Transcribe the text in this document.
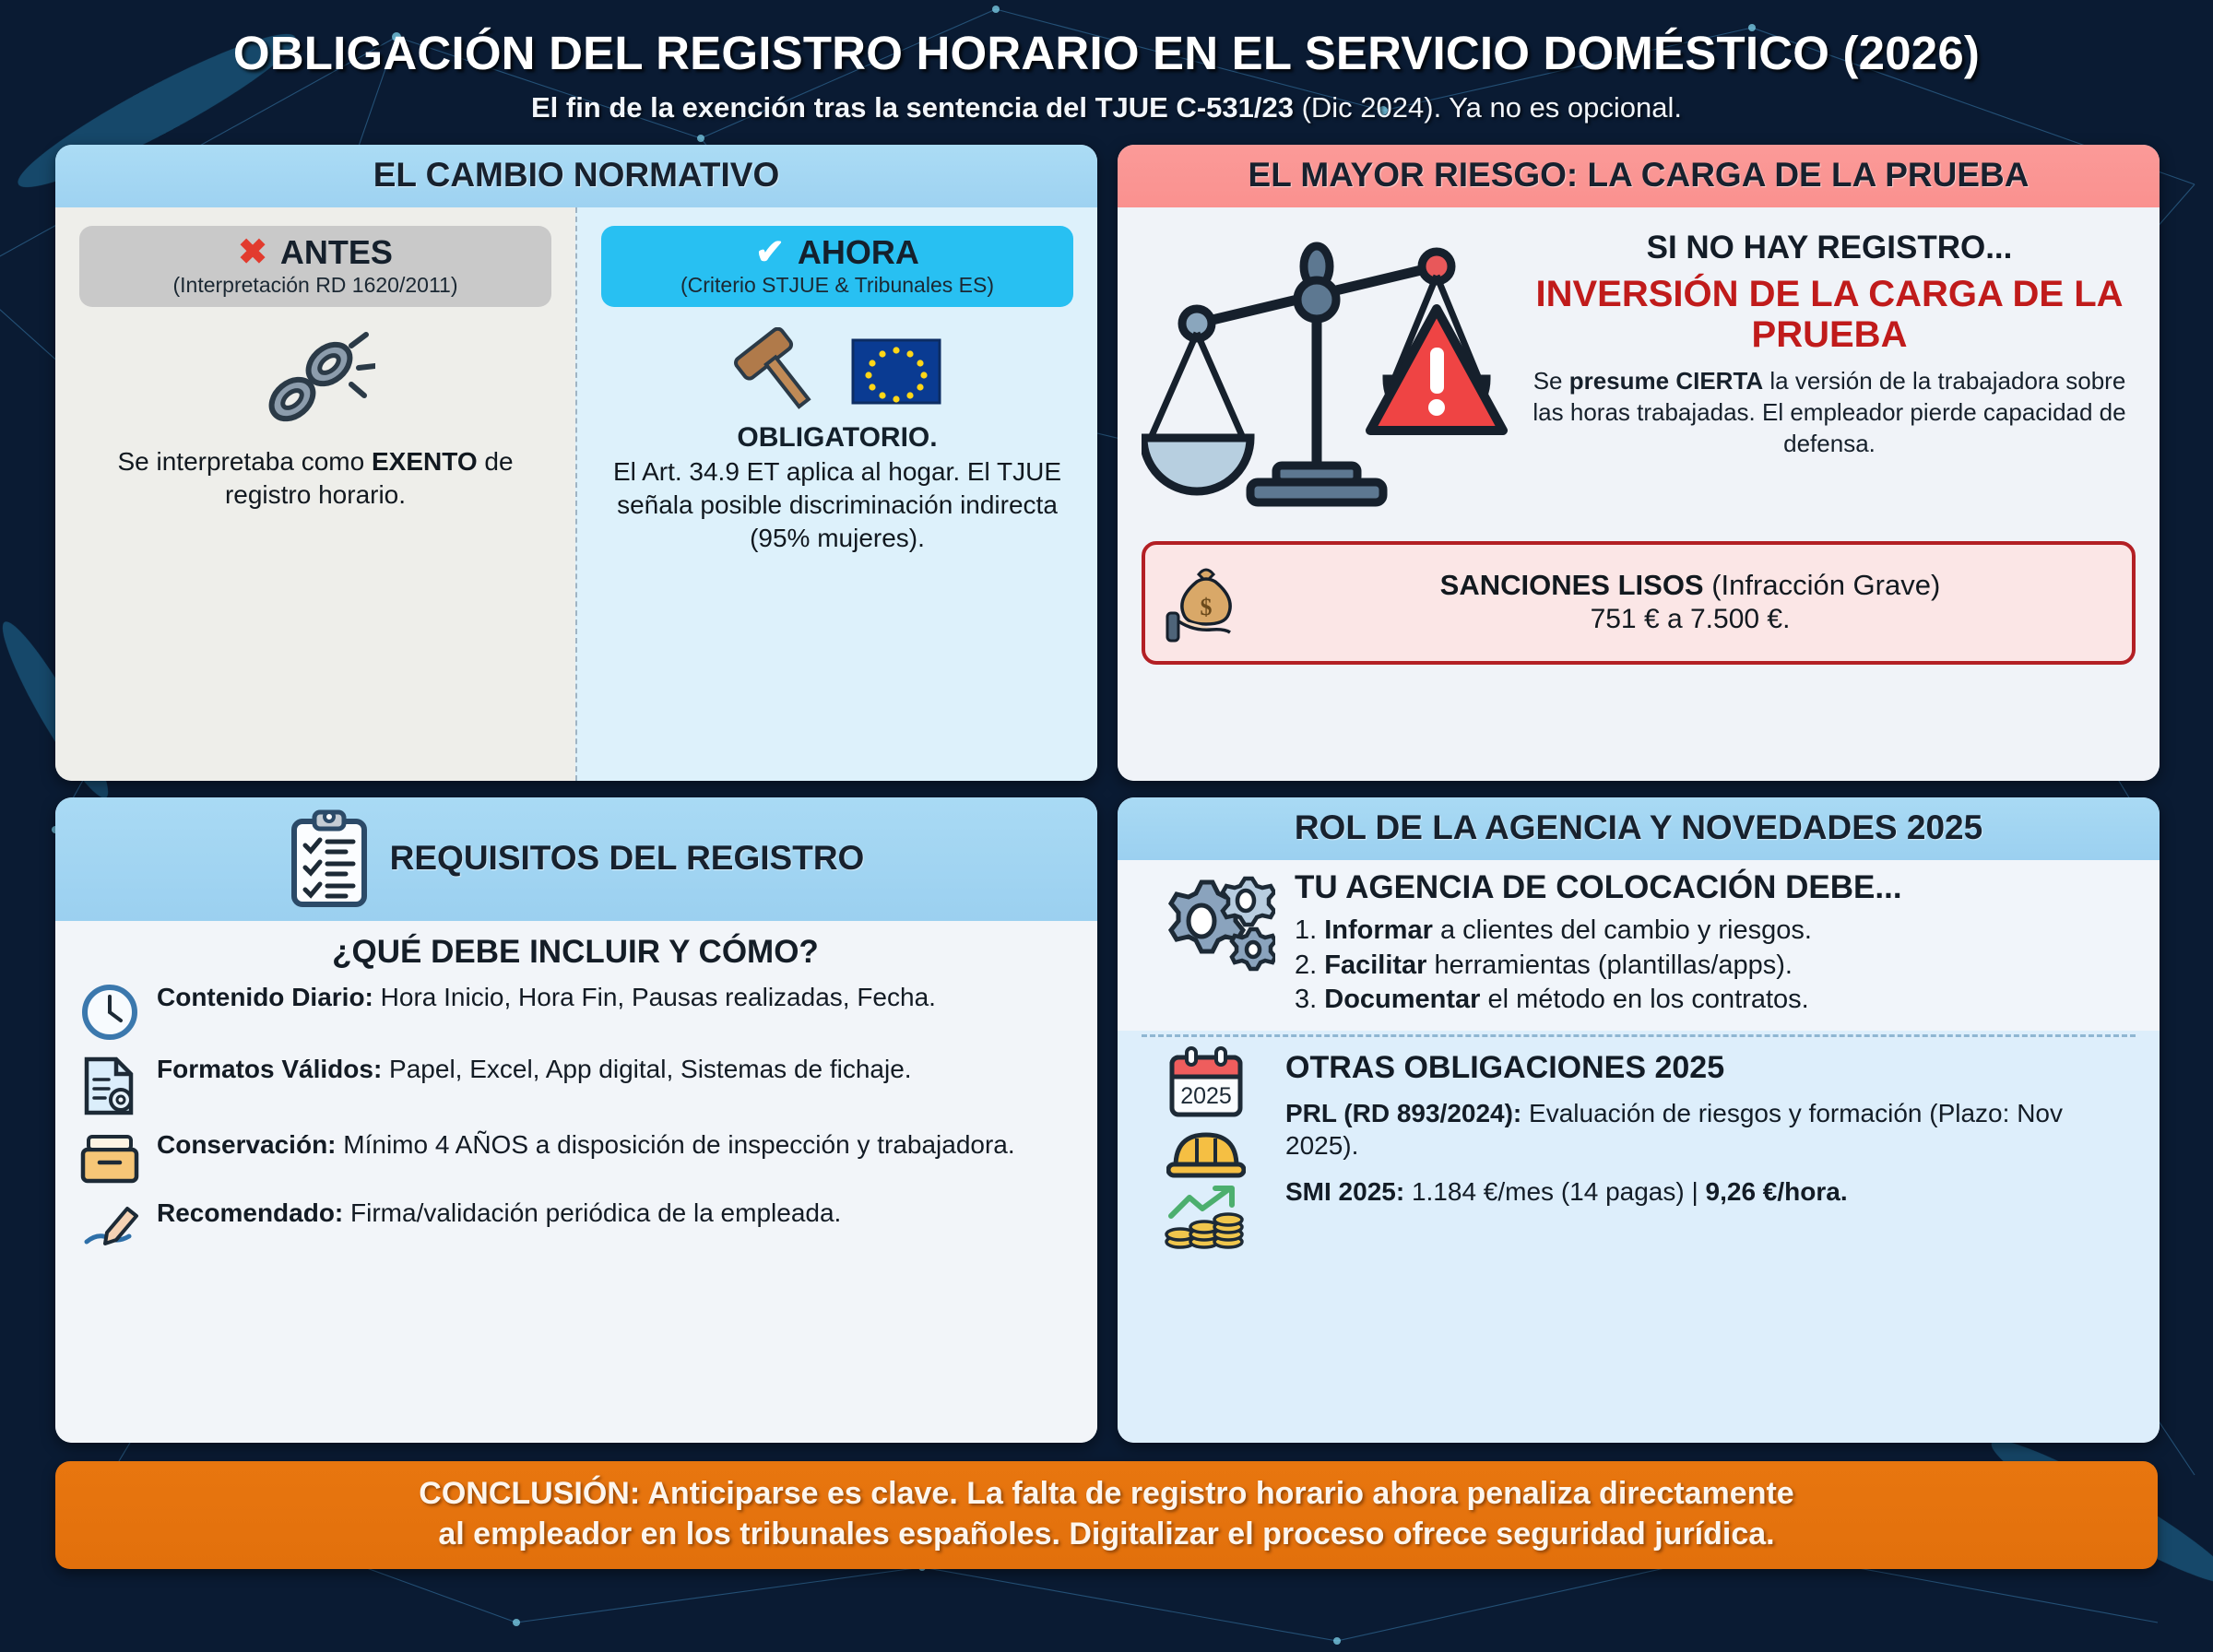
OBLIGACIÓN DEL REGISTRO HORARIO EN EL SERVICIO DOMÉSTICO (2026)
El fin de la exención tras la sentencia del TJUE C-531/23 (Dic 2024). Ya no es opcional.
EL CAMBIO NORMATIVO
✖ ANTES
(Interpretación RD 1620/2011)
Se interpretaba como EXENTO de registro horario.
✔ AHORA
(Criterio STJUE & Tribunales ES)
OBLIGATORIO.
El Art. 34.9 ET aplica al hogar. El TJUE señala posible discriminación indirecta (95% mujeres).
EL MAYOR RIESGO: LA CARGA DE LA PRUEBA
SI NO HAY REGISTRO...
INVERSIÓN DE LA CARGA DE LA PRUEBA
Se presume CIERTA la versión de la trabajadora sobre las horas trabajadas. El empleador pierde capacidad de defensa.
$
SANCIONES LISOS (Infracción Grave)
751 € a 7.500 €.
REQUISITOS DEL REGISTRO
¿QUÉ DEBE INCLUIR Y CÓMO?
Contenido Diario: Hora Inicio, Hora Fin, Pausas realizadas, Fecha.
Formatos Válidos: Papel, Excel, App digital, Sistemas de fichaje.
Conservación: Mínimo 4 AÑOS a disposición de inspección y trabajadora.
Recomendado: Firma/validación periódica de la empleada.
ROL DE LA AGENCIA Y NOVEDADES 2025
TU AGENCIA DE COLOCACIÓN DEBE...
1. Informar a clientes del cambio y riesgos.
2. Facilitar herramientas (plantillas/apps).
3. Documentar el método en los contratos.
2025
OTRAS OBLIGACIONES 2025
PRL (RD 893/2024): Evaluación de riesgos y formación (Plazo: Nov 2025).
SMI 2025: 1.184 €/mes (14 pagas) | 9,26 €/hora.

CONCLUSIÓN: Anticiparse es clave. La falta de registro horario ahora penaliza directamente

al empleador en los tribunales españoles. Digitalizar el proceso ofrece seguridad jurídica.
